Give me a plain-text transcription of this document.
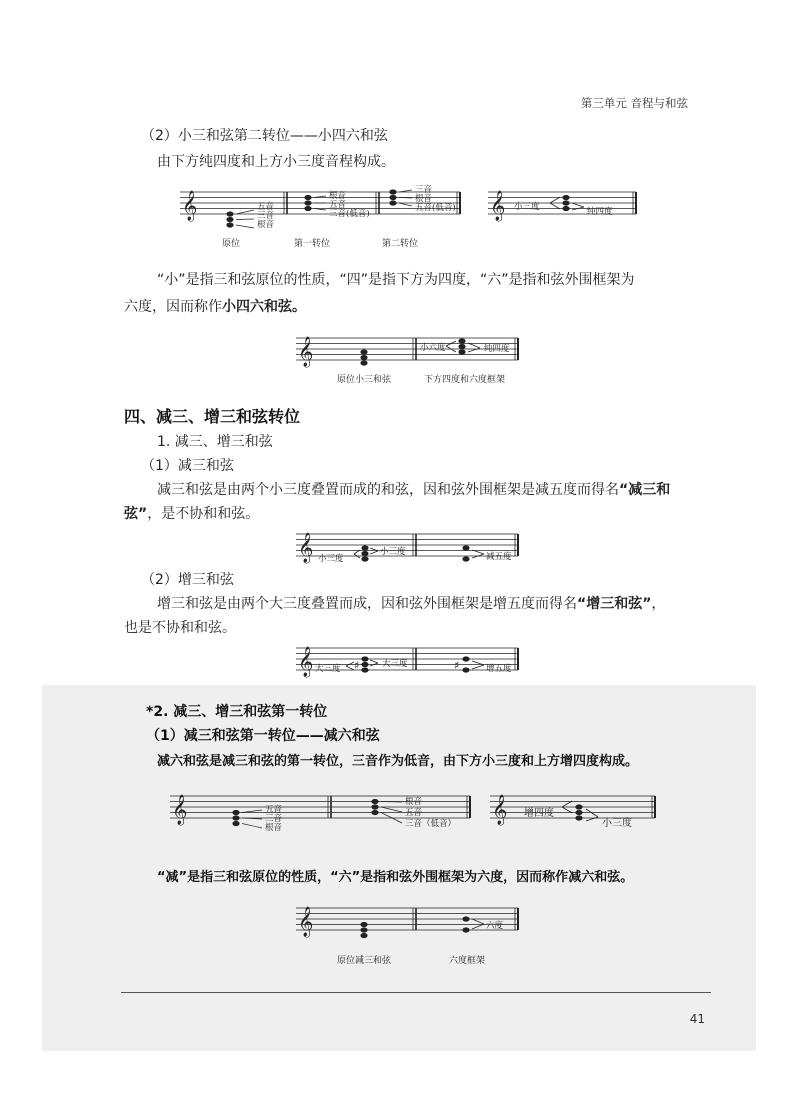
第三单元 音程与和弦
（2）小三和弦第二转位——小四六和弦
由下方纯四度和上方小三度音程构成。
𝄞	五音
三音
根音
根音
五音
三音(低音)
三音
根音
五音(低音)
原位	第一转位	第二转位
𝄞 小三度	纯四度
“小”是指三和弦原位的性质，“四”是指下方为四度，“六”是指和弦外围框架为
六度，因而称作小四六和弦。
𝄞	小六度	纯四度
原位小三和弦	下方四度和六度框架
四、减三、增三和弦转位
1. 减三、增三和弦
（1）减三和弦
减三和弦是由两个小三度叠置而成的和弦，因和弦外围框架是减五度而得名“减三和
弦”，是不协和和弦。
𝄞 小三度
小三度	减五度
（2）增三和弦
增三和弦是由两个大三度叠置而成，因和弦外围框架是增五度而得名“增三和弦”，
也是不协和和弦。
𝄞	♯	♯
大三度	大三度	增五度
*2. 减三、增三和弦第一转位
（1）减三和弦第一转位——减六和弦
减六和弦是减三和弦的第一转位，三音作为低音，由下方小三度和上方增四度构成。
𝄞	五音
三音
根音
根音
五音
三音（低音） 𝄞 增四度
小三度
“减”是指三和弦原位的性质，“六”是指和弦外围框架为六度，因而称作减六和弦。
𝄞	六度
原位减三和弦	六度框架
41
